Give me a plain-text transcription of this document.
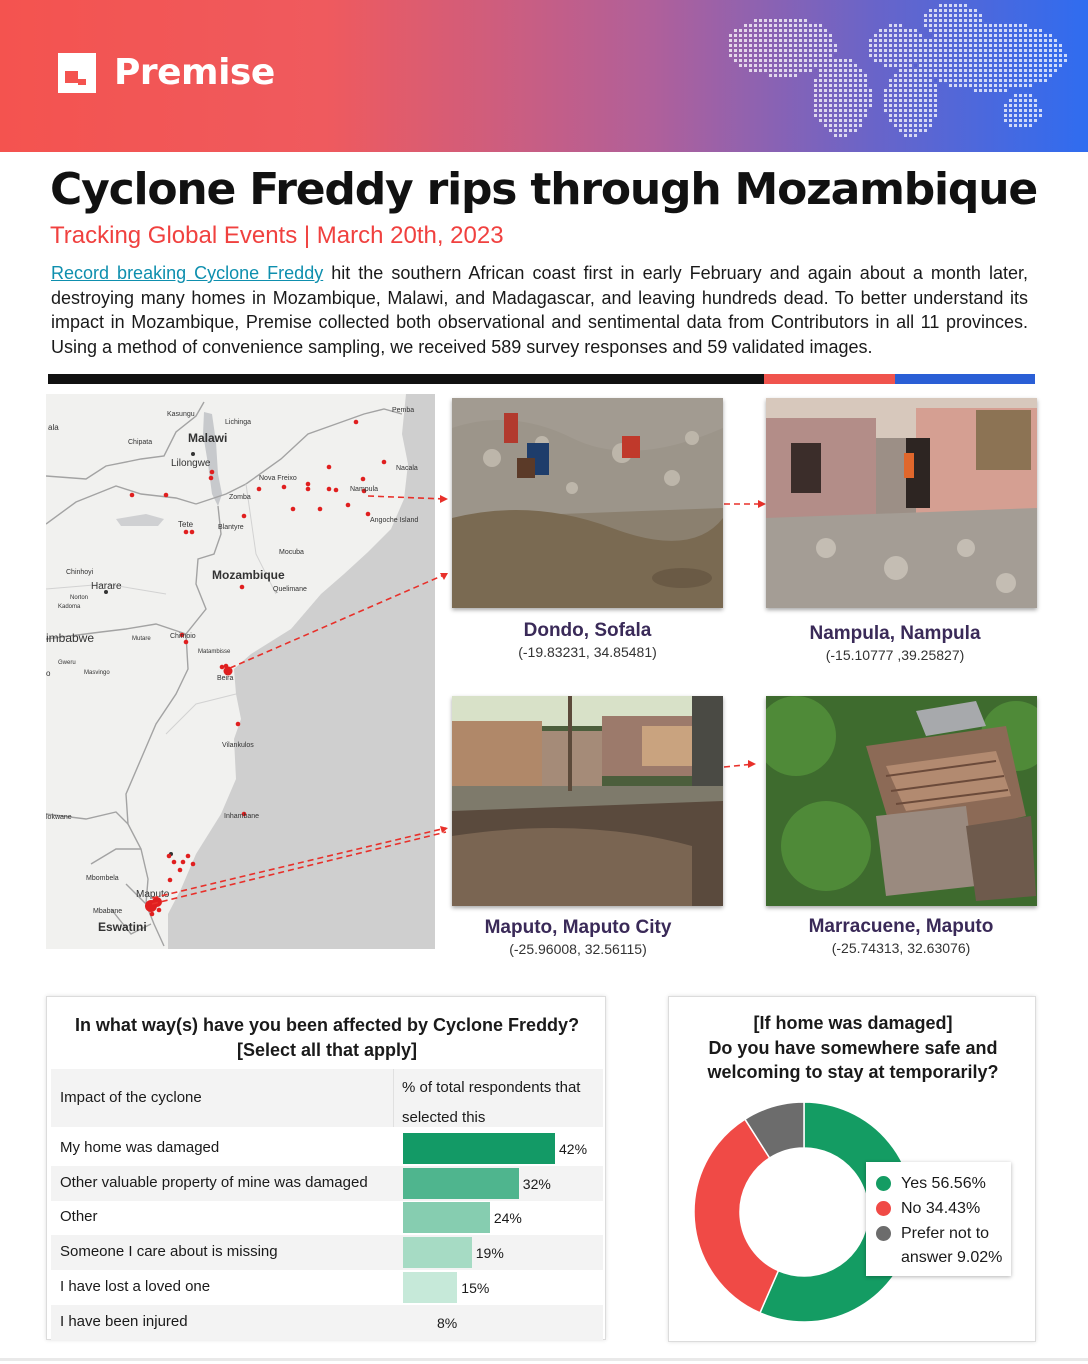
Premise
Cyclone Freddy rips through Mozambique
Tracking Global Events | March 20th, 2023

Record breaking Cyclone Freddy hit the southern African coast first in early February and again about a month later, destroying many homes in Mozambique, Malawi, and Madagascar, and leaving hundreds dead. To better understand its impact in Mozambique, Premise collected both observational and sentimental data from Contributors in all 11 provinces. Using a method of convenience sampling, we received 589 survey responses and 59 validated images.

ala
Kasungu
Lichinga
Pemba
Chipata	Malawi
Lilongwe	Nacala
Nova Freixo
Nampula
Zomba
Angoche Island
Tete	Blantyre
Mocuba
Chinhoyi	Mozambique
Harare	Quelimane
Norton
Kadoma
Chimoio
imbabwe	Mutare
Matambisse
Gweru
o	Masvingo
Beira
Vilankulos
lokwane	Inhambane
Mbombela
Maputo
Mbabane
Eswatini
Dondo, Sofala
(-19.83231, 34.85481)
Nampula, Nampula
(-15.10777 ,39.25827)
Maputo, Maputo City
(-25.96008, 32.56115)
Marracuene, Maputo
(-25.74313, 32.63076)
In what way(s) have you been affected by Cyclone Freddy?
[Select all that apply]
Impact of the cyclone
% of total respondents that
selected this
My home was damaged	42%
Other valuable property of mine was damaged	32%
Other	24%
Someone I care about is missing	19%
I have lost a loved one	15%
I have been injured	8%
[If home was damaged]
Do you have somewhere safe and
welcoming to stay at temporarily?
Yes 56.56%
No 34.43%
Prefer not to answer 9.02%
